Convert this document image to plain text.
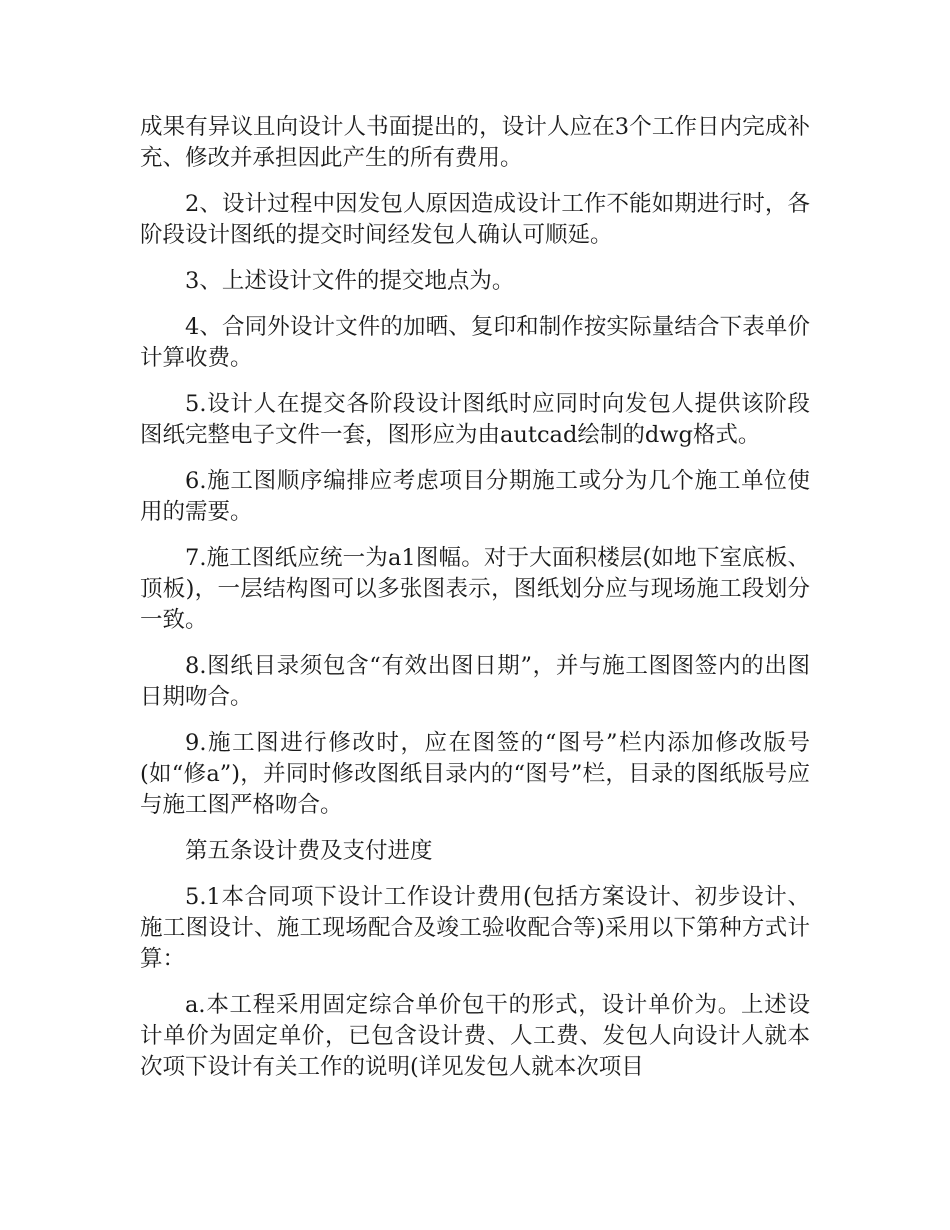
成果有异议且向设计人书面提出的，设计人应在3个工作日内完成补充、修改并承担因此产生的所有费用。

2、设计过程中因发包人原因造成设计工作不能如期进行时，各阶段设计图纸的提交时间经发包人确认可顺延。

3、上述设计文件的提交地点为。

4、合同外设计文件的加晒、复印和制作按实际量结合下表单价计算收费。

5.设计人在提交各阶段设计图纸时应同时向发包人提供该阶段图纸完整电子文件一套，图形应为由autcad绘制的dwg格式。

6.施工图顺序编排应考虑项目分期施工或分为几个施工单位使用的需要。

7.施工图纸应统一为a1图幅。对于大面积楼层(如地下室底板、顶板)，一层结构图可以多张图表示，图纸划分应与现场施工段划分一致。

8.图纸目录须包含“有效出图日期”，并与施工图图签内的出图日期吻合。

9.施工图进行修改时，应在图签的“图号”栏内添加修改版号(如“修a”)，并同时修改图纸目录内的“图号”栏，目录的图纸版号应与施工图严格吻合。

第五条设计费及支付进度

5.1本合同项下设计工作设计费用(包括方案设计、初步设计、施工图设计、施工现场配合及竣工验收配合等)采用以下第种方式计算：

a.本工程采用固定综合单价包干的形式，设计单价为。上述设计单价为固定单价，已包含设计费、人工费、发包人向设计人就本次项下设计有关工作的说明(详见发包人就本次项目
